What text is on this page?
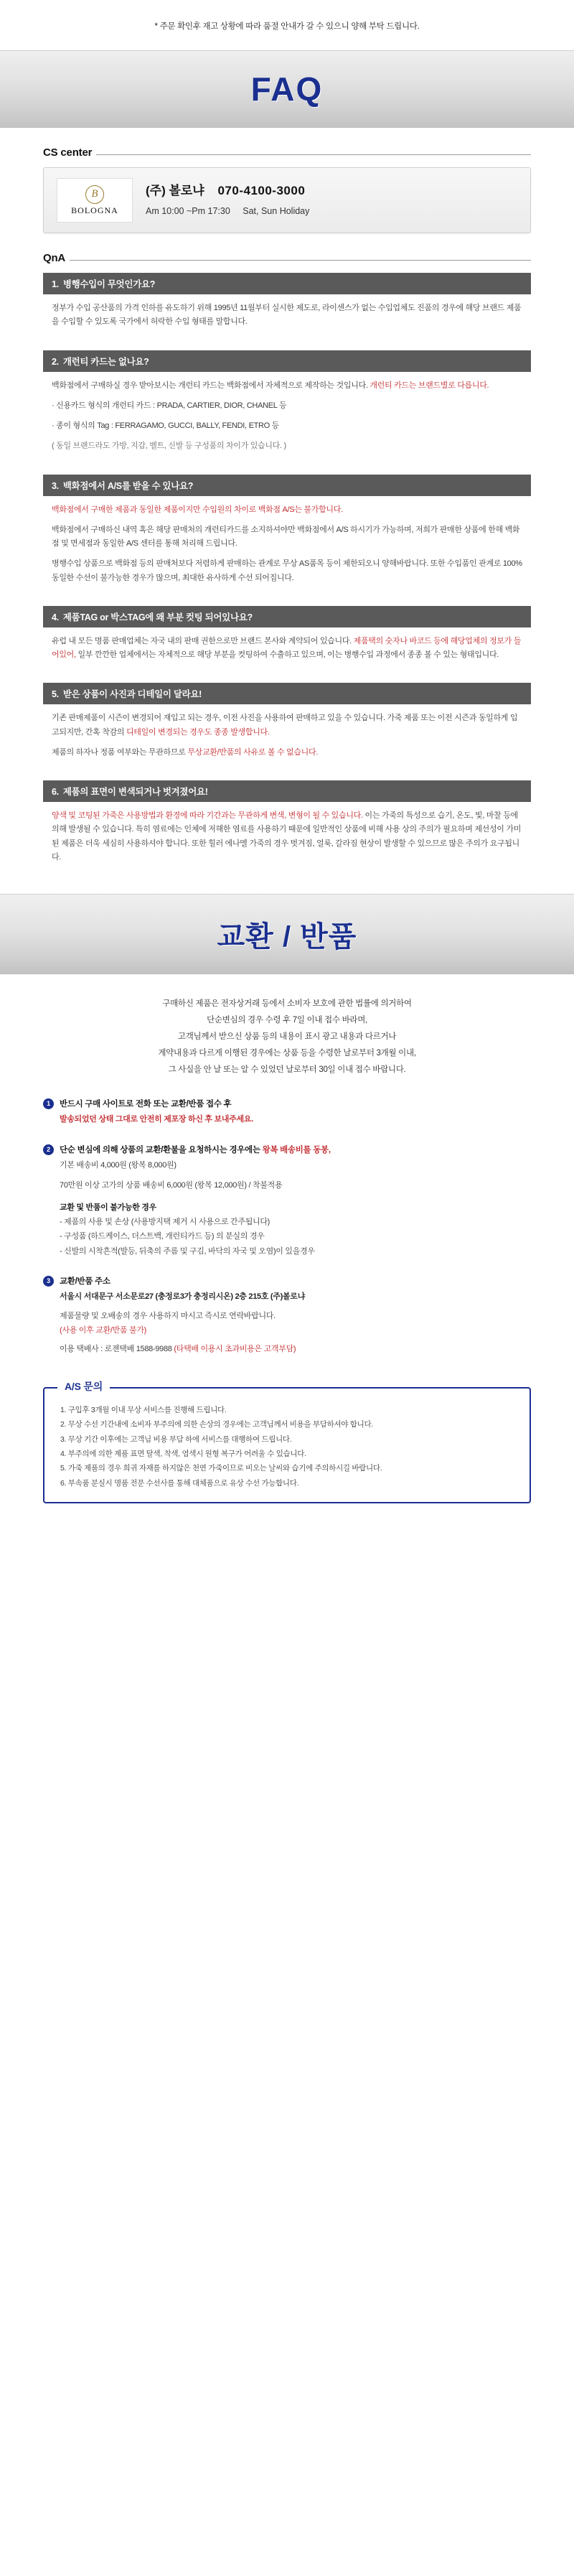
* 주문 확인후 재고 상황에 따라 품절 안내가 갈 수 있으니 양해 부탁 드립니다.
FAQ
CS center
B
BOLOGNA
(주) 볼로냐 070-4100-3000
Am 10:00 ~Pm 17:30 Sat, Sun Holiday
QnA
1. 병행수입이 무엇인가요?

정부가 수입 공산품의 가격 인하를 유도하기 위해 1995년 11월부터 실시한 제도로, 라이센스가 없는 수입업체도 진품의 경우에 해당 브랜드 제품을 수입할 수 있도록 국가에서 허락한 수입 형태를 말합니다.

2. 개런티 카드는 없나요?

백화점에서 구매하실 경우 받아보시는 개런티 카드는 백화점에서 자체적으로 제작하는 것입니다. 개런티 카드는 브랜드별로 다릅니다.

· 신용카드 형식의 개런티 카드 : PRADA, CARTIER, DIOR, CHANEL 등

· 종이 형식의 Tag : FERRAGAMO, GUCCI, BALLY, FENDI, ETRO 등

( 동일 브랜드라도 가방, 지갑, 벨트, 신발 등 구성품의 차이가 있습니다. )

3. 백화점에서 A/S를 받을 수 있나요?

백화점에서 구매한 제품과 동일한 제품이지만 수입원의 차이로 백화점 A/S는 불가합니다.

백화점에서 구매하신 내역 혹은 해당 판매처의 개런티카드를 소지하셔야만 백화점에서 A/S 하시기가 가능하며, 저희가 판매한 상품에 한해 백화점 및 면세점과 동일한 A/S 센터를 통해 처리해 드립니다.

병행수입 상품으로 백화점 등의 판매처보다 저렴하게 판매하는 관계로 무상 AS품목 등이 제한되오니 양해바랍니다. 또한 수입품인 관계로 100% 동일한 수선이 불가능한 경우가 많으며, 최대한 유사하게 수선 되어집니다.

4. 제품TAG or 박스TAG에 왜 부분 컷팅 되어있나요?

유럽 내 모든 명품 판매업체는 자국 내의 판매 권한으로만 브랜드 본사와 계약되어 있습니다. 제품택의 숫자나 바코드 등에 해당업체의 정보가 들어있어, 일부 깐깐한 업체에서는 자체적으로 해당 부분을 컷팅하여 수출하고 있으며, 이는 병행수입 과정에서 종종 볼 수 있는 형태입니다.

5. 받은 상품이 사진과 디테일이 달라요!

기존 판매제품이 시즌이 변경되어 재입고 되는 경우, 이전 사진을 사용하여 판매하고 있을 수 있습니다. 가죽 제품 또는 이전 시즌과 동일하게 입고되지만, 간혹 착감의 디테일이 변경되는 경우도 종종 발생합니다.

제품의 하자나 정품 여부와는 무관하므로 무상교환/반품의 사유로 볼 수 없습니다.

6. 제품의 표면이 변색되거나 벗겨졌어요!

양색 및 코팅된 가죽은 사용방법과 환경에 따라 기간과는 무관하게 변색, 변형이 될 수 있습니다. 이는 가죽의 특성으로 습기, 온도, 빛, 마찰 등에 의해 발생될 수 있습니다. 특히 염료에는 인체에 저해한 염료를 사용하기 때문에 일반적인 상품에 비해 사용 상의 주의가 필요하며 제선성이 가미된 제품은 더욱 세심히 사용하셔야 합니다. 또한 힐러 에나멜 가죽의 경우 벗겨짐, 얼룩, 갈라짐 현상이 발생할 수 있으므로 많은 주의가 요구됩니다.

교환 / 반품
구매하신 제품은 전자상거래 등에서 소비자 보호에 관한 법률에 의거하여
단순변심의 경우 수령 후 7일 이내 접수 바라며,
고객님께서 받으신 상품 등의 내용이 표시 광고 내용과 다르거나
계약내용과 다르게 이행된 경우에는 상품 등을 수령한 날로부터 3개월 이내,
그 사실을 안 날 또는 알 수 있었던 날로부터 30일 이내 접수 바랍니다.
1	반드시 구매 사이트로 전화 또는 교환/반품 접수 후
발송되었던 상태 그대로 안전히 제포장 하신 후 보내주세요.
2	단순 변심에 의해 상품의 교환/환불을 요청하시는 경우에는 왕복 배송비를 동봉,
기본 배송비 4,000원 (왕복 8,000원)
70만원 이상 고가의 상품 배송비 6,000원 (왕복 12,000원) / 착불적용
교환 및 반품이 불가능한 경우
- 제품의 사용 및 손상 (사용방지택 제거 시 사용으로 간주됩니다)
- 구성품 (하드케이스, 더스트백, 개런티카드 등) 의 분실의 경우
- 신발의 시착흔적(발등, 뒤축의 주름 및 구김, 바닥의 자국 및 오염)이 있을경우
3	교환/반품 주소
서울시 서대문구 서소문로27 (충정로3가 충정리시온) 2층 215호 (주)볼로냐
제품물량 및 오배송의 경우 사용하지 마시고 즉시로 연락바랍니다.
(사용 이후 교환/반품 불가)
이용 택배사 : 로젠택배 1588-9988 (타택배 이용시 초과비용은 고객부담)
A/S 문의
1. 구입후 3개월 이내 무상 서비스를 진행해 드립니다.
2. 무상 수선 기간내에 소비자 부주의에 의한 손상의 경우에는 고객님께서 비용을 부담하셔야 합니다.
3. 무상 기간 이후에는 고객님 비용 부담 하에 서비스를 대행하여 드립니다.
4. 부주의에 의한 제품 표면 탈색, 착색, 염색시 원형 복구가 어려울 수 있습니다.
5. 가죽 제품의 경우 희귀 자재를 하지않은 천연 가죽이므로 비오는 날씨와 습기에 주의하시길 바랍니다.
6. 부속품 분실시 명품 전문 수선사를 통해 대체품으로 유상 수선 가능합니다.
